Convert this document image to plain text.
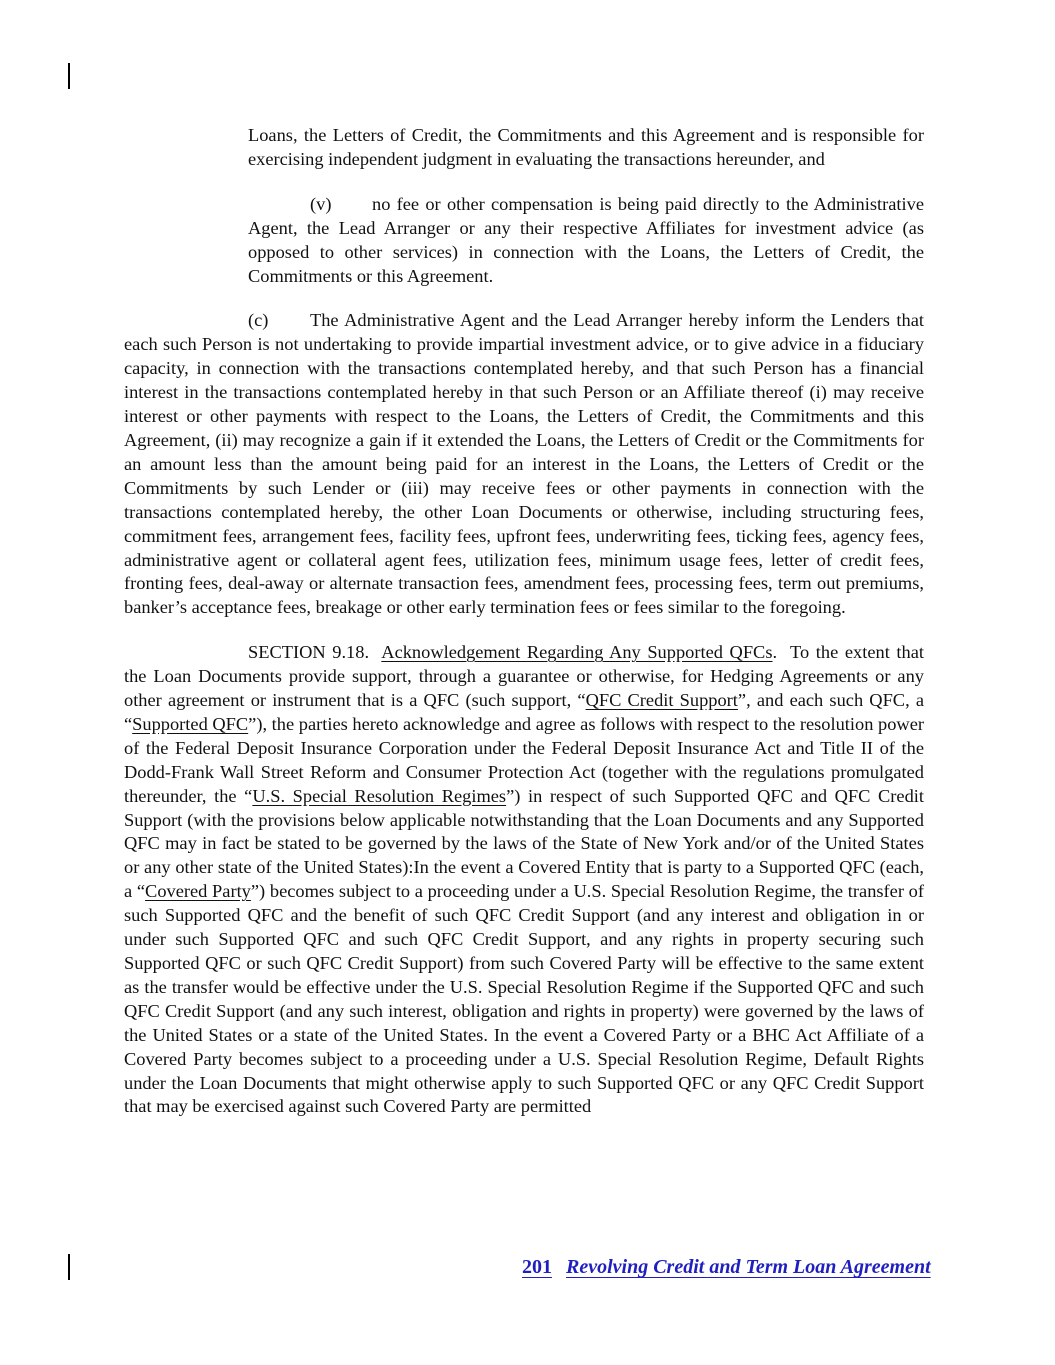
Loans, the Letters of Credit, the Commitments and this Agreement and is responsible for exercising independent judgment in evaluating the transactions hereunder, and

(v) no fee or other compensation is being paid directly to the Administrative Agent, the Lead Arranger or any their respective Affiliates for investment advice (as opposed to other services) in connection with the Loans, the Letters of Credit, the Commitments or this Agreement.

(c) The Administrative Agent and the Lead Arranger hereby inform the Lenders that each such Person is not undertaking to provide impartial investment advice, or to give advice in a fiduciary capacity, in connection with the transactions contemplated hereby, and that such Person has a financial interest in the transactions contemplated hereby in that such Person or an Affiliate thereof (i) may receive interest or other payments with respect to the Loans, the Letters of Credit, the Commitments and this Agreement, (ii) may recognize a gain if it extended the Loans, the Letters of Credit or the Commitments for an amount less than the amount being paid for an interest in the Loans, the Letters of Credit or the Commitments by such Lender or (iii) may receive fees or other payments in connection with the transactions contemplated hereby, the other Loan Documents or otherwise, including structuring fees, commitment fees, arrangement fees, facility fees, upfront fees, underwriting fees, ticking fees, agency fees, administrative agent or collateral agent fees, utilization fees, minimum usage fees, letter of credit fees, fronting fees, deal-away or alternate transaction fees, amendment fees, processing fees, term out premiums, banker’s acceptance fees, breakage or other early termination fees or fees similar to the foregoing.

SECTION 9.18. Acknowledgement Regarding Any Supported QFCs. To the extent that the Loan Documents provide support, through a guarantee or otherwise, for Hedging Agreements or any other agreement or instrument that is a QFC (such support, “QFC Credit Support”, and each such QFC, a “Supported QFC”), the parties hereto acknowledge and agree as follows with respect to the resolution power of the Federal Deposit Insurance Corporation under the Federal Deposit Insurance Act and Title II of the Dodd-Frank Wall Street Reform and Consumer Protection Act (together with the regulations promulgated thereunder, the “U.S. Special Resolution Regimes”) in respect of such Supported QFC and QFC Credit Support (with the provisions below applicable notwithstanding that the Loan Documents and any Supported QFC may in fact be stated to be governed by the laws of the State of New York and/or of the United States or any other state of the United States):In the event a Covered Entity that is party to a Supported QFC (each, a “Covered Party”) becomes subject to a proceeding under a U.S. Special Resolution Regime, the transfer of such Supported QFC and the benefit of such QFC Credit Support (and any interest and obligation in or under such Supported QFC and such QFC Credit Support, and any rights in property securing such Supported QFC or such QFC Credit Support) from such Covered Party will be effective to the same extent as the transfer would be effective under the U.S. Special Resolution Regime if the Supported QFC and such QFC Credit Support (and any such interest, obligation and rights in property) were governed by the laws of the United States or a state of the United States. In the event a Covered Party or a BHC Act Affiliate of a Covered Party becomes subject to a proceeding under a U.S. Special Resolution Regime, Default Rights under the Loan Documents that might otherwise apply to such Supported QFC or any QFC Credit Support that may be exercised against such Covered Party are permitted

201 Revolving Credit and Term Loan Agreement
